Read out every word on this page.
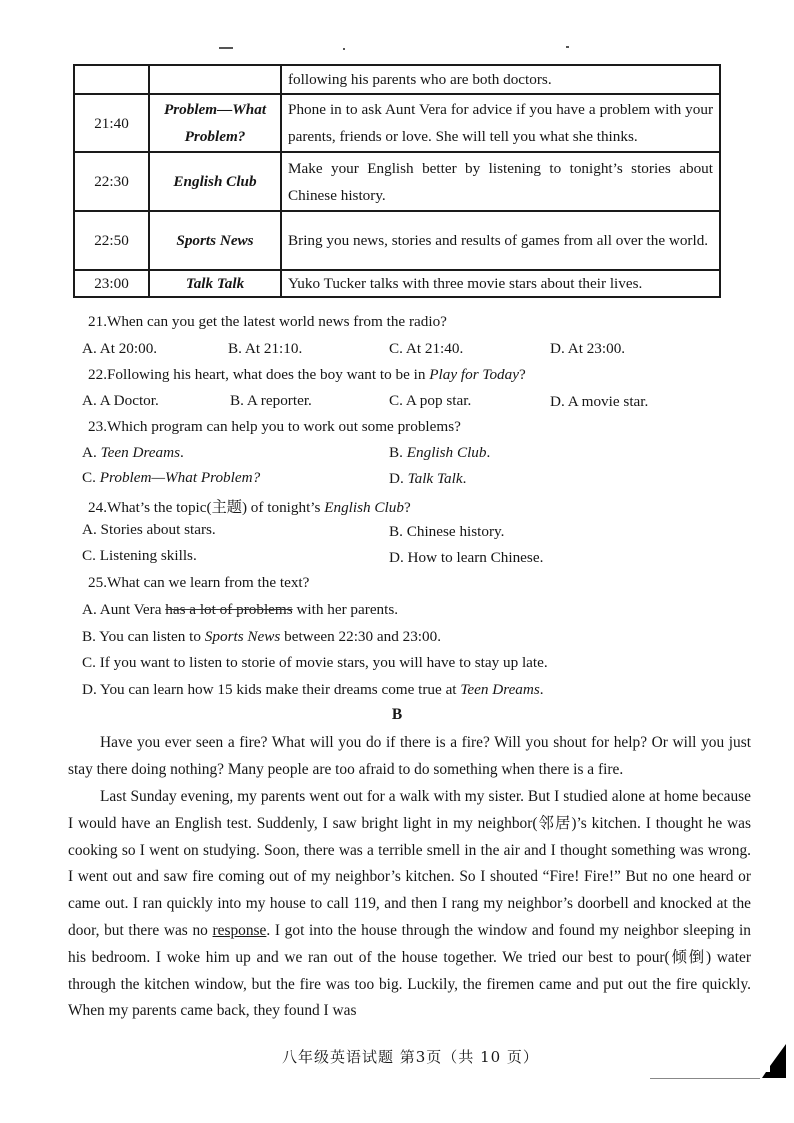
		following his parents who are both doctors.
21:40	Problem—What Problem?	Phone in to ask Aunt Vera for advice if you have a problem with your parents, friends or love. She will tell you what she thinks.
22:30	English Club	Make your English better by listening to tonight’s stories about Chinese history.
22:50	Sports News	Bring you news, stories and results of games from all over the world.
23:00	Talk Talk	Yuko Tucker talks with three movie stars about their lives.
21.When can you get the latest world news from the radio?
A. At 20:00.	B. At 21:10.	C. At 21:40.	D. At 23:00.
22.Following his heart, what does the boy want to be in Play for Today?
A. A Doctor.	B. A reporter.	C. A pop star.	D. A movie star.
23.Which program can help you to work out some problems?
A. Teen Dreams.	B. English Club.
C. Problem—What Problem?	D. Talk Talk.
24.What’s the topic(主题) of tonight’s English Club?
A. Stories about stars.	B. Chinese history.
C. Listening skills.	D. How to learn Chinese.
25.What can we learn from the text?
A. Aunt Vera has a lot of problems with her parents.
B. You can listen to Sports News between 22:30 and 23:00.
C. If you want to listen to storie of movie stars, you will have to stay up late.
D. You can learn how 15 kids make their dreams come true at Teen Dreams.
B
Have you ever seen a fire? What will you do if there is a fire? Will you shout for help? Or will you just stay there doing nothing? Many people are too afraid to do something when there is a fire.
Last Sunday evening, my parents went out for a walk with my sister. But I studied alone at home because I would have an English test. Suddenly, I saw bright light in my neighbor(邻居)’s kitchen. I thought he was cooking so I went on studying. Soon, there was a terrible smell in the air and I thought something was wrong. I went out and saw fire coming out of my neighbor’s kitchen. So I shouted “Fire! Fire!” But no one heard or came out. I ran quickly into my house to call 119, and then I rang my neighbor’s doorbell and knocked at the door, but there was no response. I got into the house through the window and found my neighbor sleeping in his bedroom. I woke him up and we ran out of the house together. We tried our best to pour(倾倒) water through the kitchen window, but the fire was too big. Luckily, the firemen came and put out the fire quickly. When my parents came back, they found I was
八年级英语试题 第3页（共 10 页）
